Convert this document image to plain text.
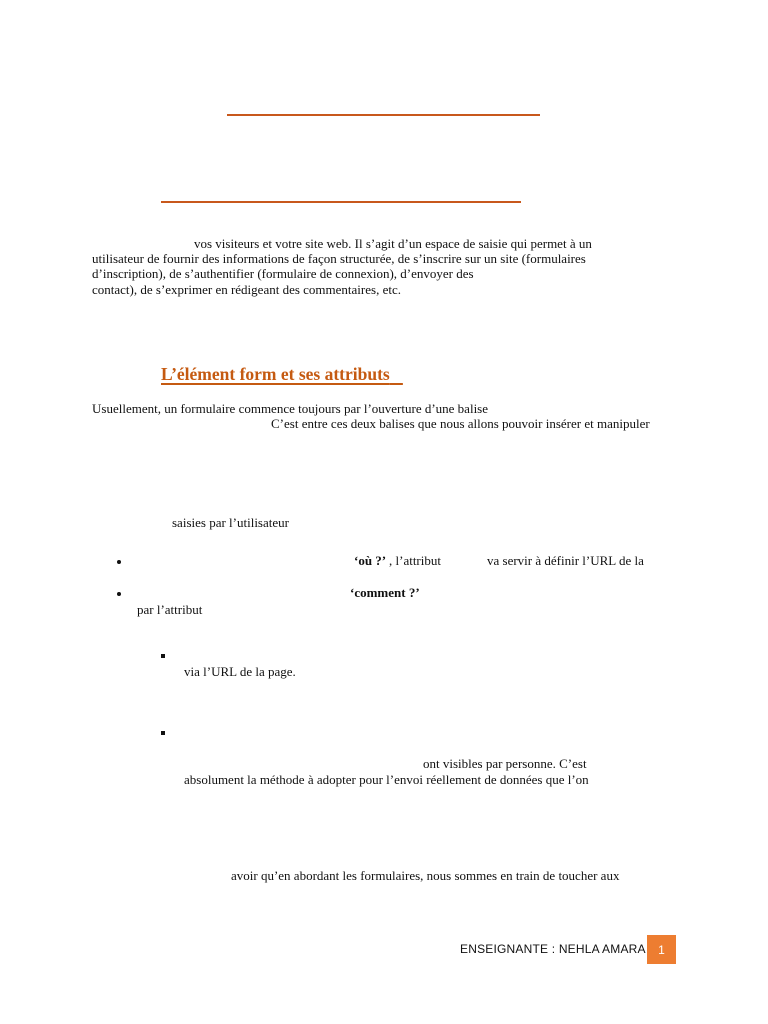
vos visiteurs et votre site web. Il s’agit d’un espace de saisie qui permet à un
utilisateur de fournir des informations de façon structurée, de s’inscrire sur un site (formulaires
d’inscription), de s’authentifier (formulaire de connexion), d’envoyer des
contact), de s’exprimer en rédigeant des commentaires, etc.
L’élément form et ses attributs
Usuellement, un formulaire commence toujours par l’ouverture d’une balise
C’est entre ces deux balises que nous allons pouvoir insérer et manipuler
saisies par l’utilisateur
‘où ?’ , l’attribut	va servir à définir l’URL de la
‘comment ?’
par l’attribut
via l’URL de la page.
ont visibles par personne. C’est
absolument la méthode à adopter pour l’envoi réellement de données que l’on
avoir qu’en abordant les formulaires, nous sommes en train de toucher aux
ENSEIGNANTE : NEHLA AMARA 1
